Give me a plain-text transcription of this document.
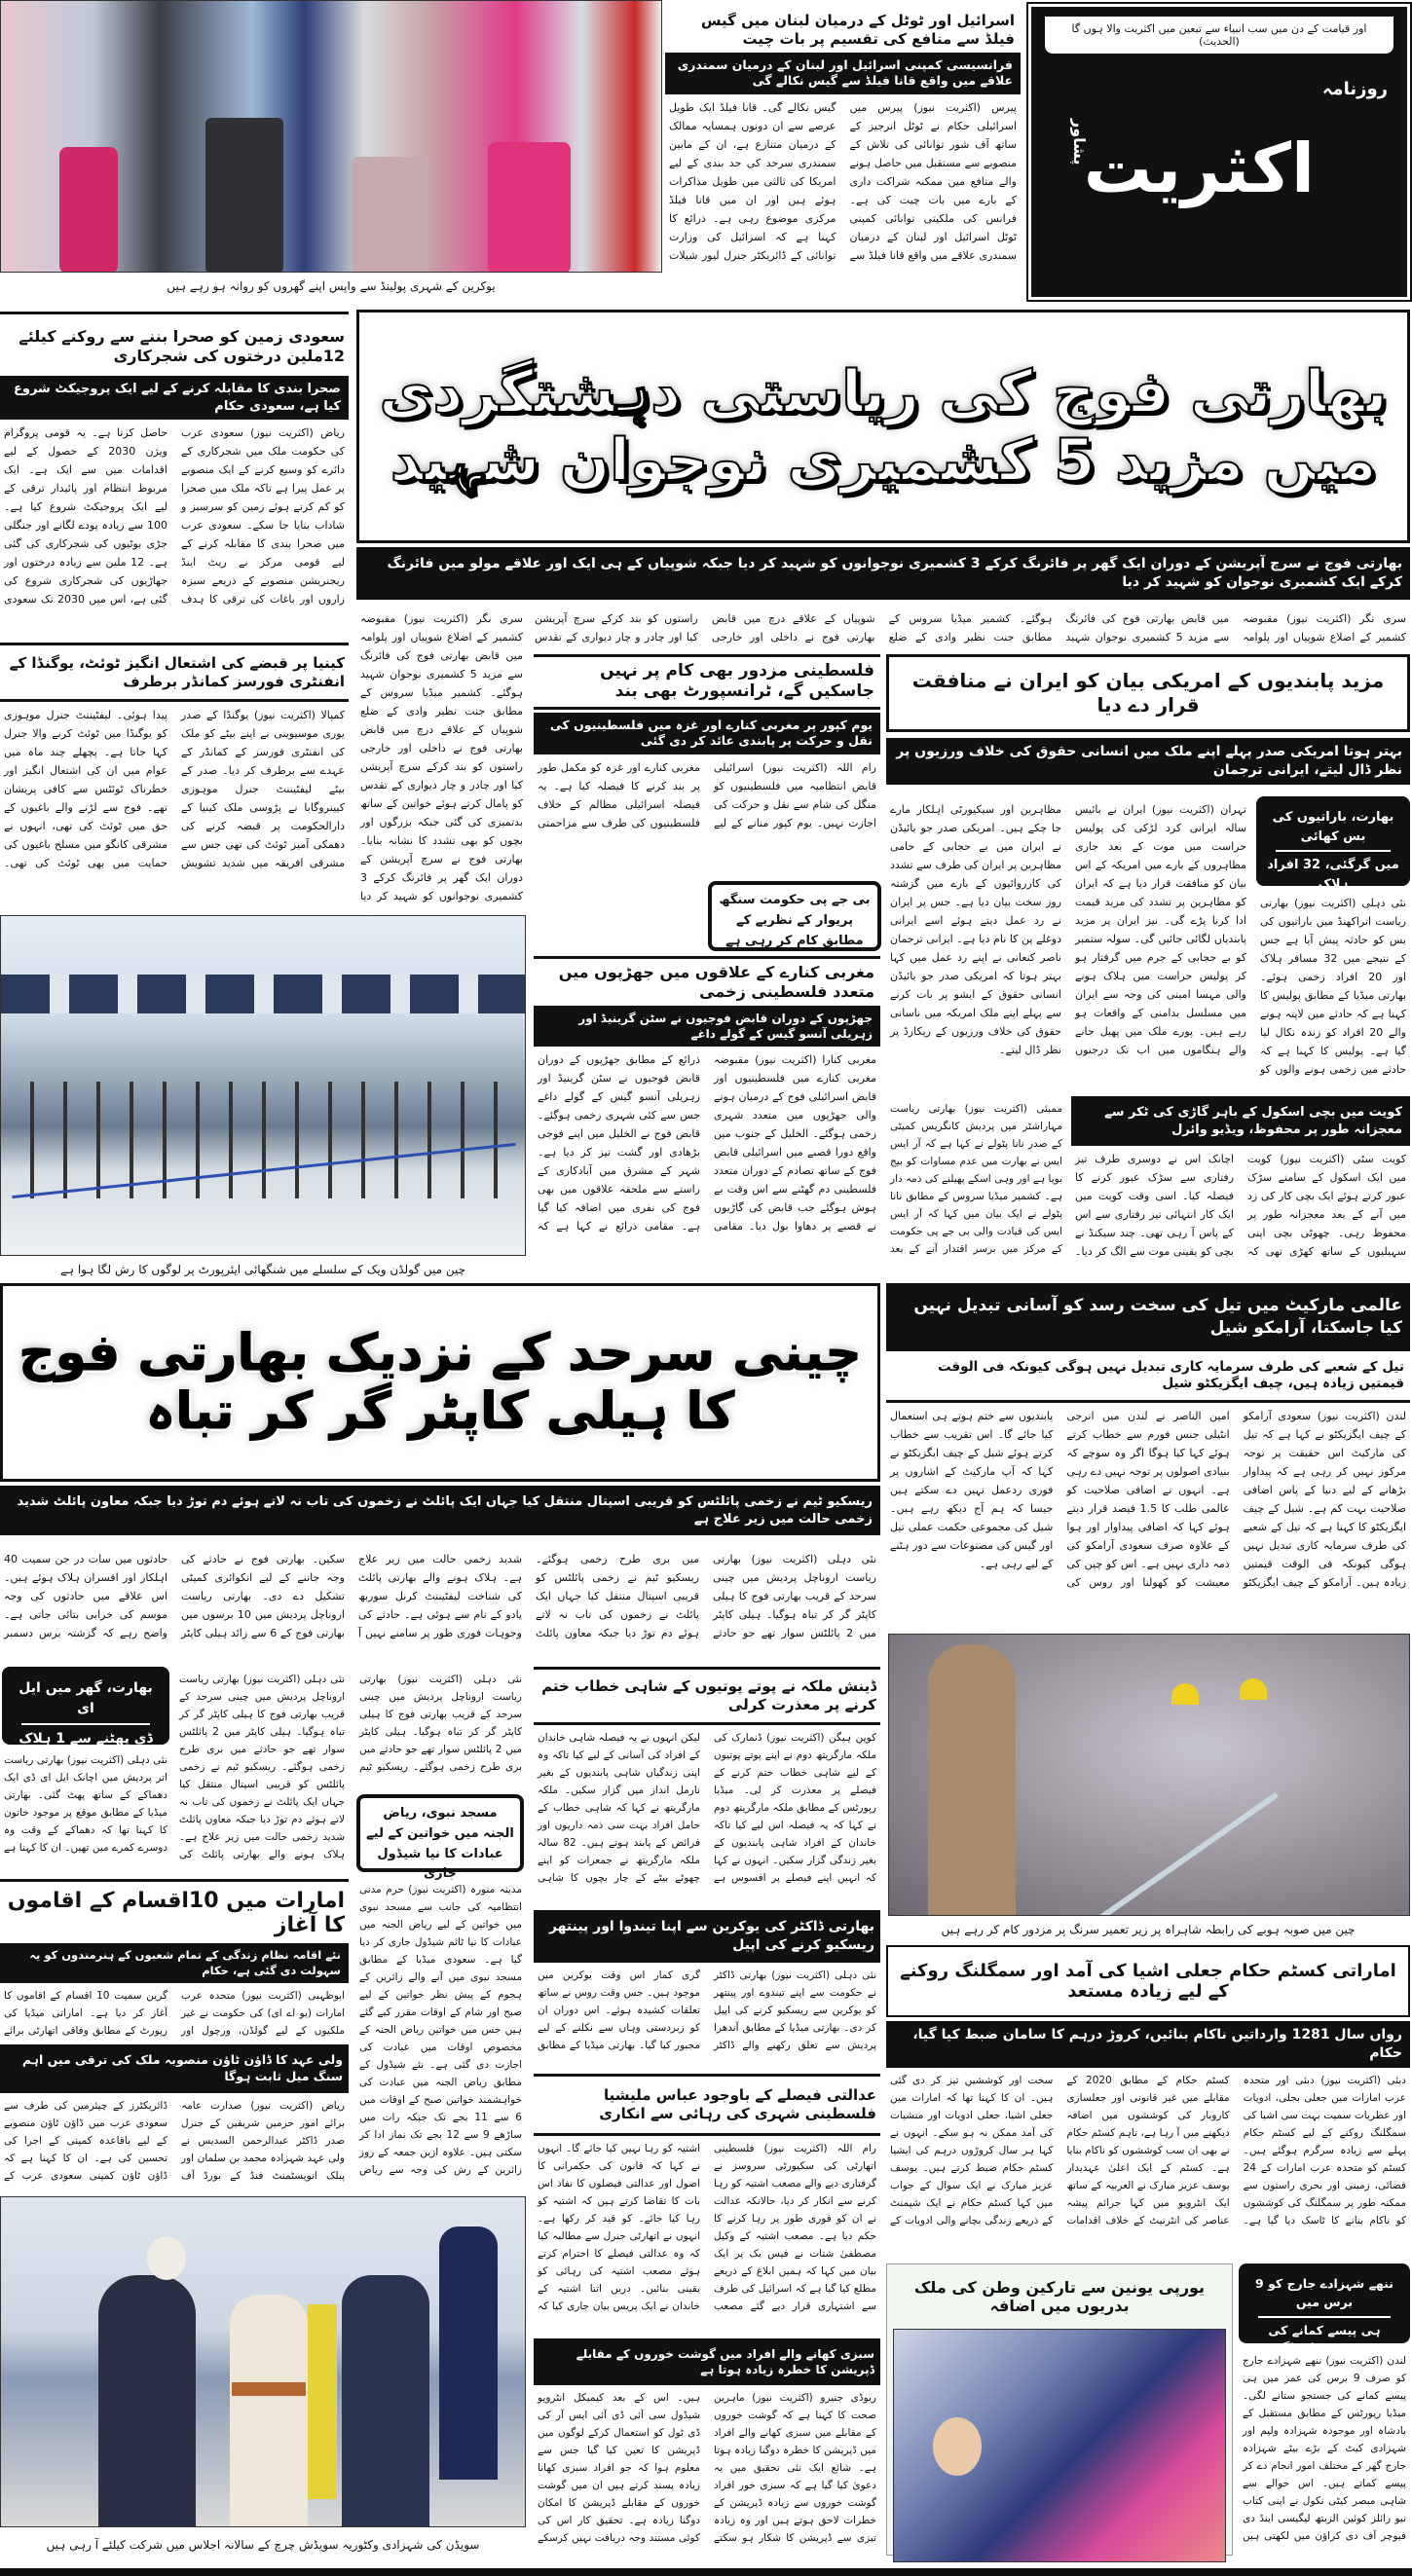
یوکرین کے شہری پولینڈ سے واپس اپنے گھروں کو روانہ ہو رہے ہیں
اسرائیل اور ٹوٹل کے درمیان لبنان میں گیس فیلڈ سے منافع کی تقسیم پر بات چیت
فرانسیسی کمپنی اسرائیل اور لبنان کے درمیان سمندری علاقے میں واقع قانا فیلڈ سے گیس نکالے گی
پیرس (اکثریت نیوز) پیرس میں اسرائیلی حکام نے ٹوٹل انرجیز کے ساتھ آف شور توانائی کی تلاش کے منصوبے سے مستقبل میں حاصل ہونے والے منافع میں ممکنہ شراکت داری کے بارے میں بات چیت کی ہے۔ فرانس کی ملکیتی توانائی کمپنی ٹوٹل اسرائیل اور لبنان کے درمیان سمندری علاقے میں واقع قانا فیلڈ سے گیس نکالے گی۔ قانا فیلڈ ایک طویل عرصے سے ان دونوں ہمسایہ ممالک کے درمیان متنازع ہے، ان کے مابین سمندری سرحد کی حد بندی کے لیے امریکا کی ثالثی میں طویل مذاکرات ہوئے ہیں اور ان میں قانا فیلڈ مرکزی موضوع رہی ہے۔ ذرائع کا کہنا ہے کہ اسرائیل کی وزارت توانائی کے ڈائریکٹر جنرل لیور شیلات
اور قیامت کے دن میں سب انبیاء سے تبعین میں اکثریت والا ہوں گا (الحدیث)
روزنامہ
پشاور
اکثریت
سعودی زمین کو صحرا بننے سے روکنے کیلئے 12ملین درختوں کی شجرکاری
صحرا بندی کا مقابلہ کرنے کے لیے ایک پروجیکٹ شروع کیا ہے، سعودی حکام
ریاض (اکثریت نیوز) سعودی عرب کی حکومت ملک میں شجرکاری کے دائرے کو وسیع کرنے کے ایک منصوبے پر عمل پیرا ہے تاکہ ملک میں صحرا کو کم کرتے ہوئے زمین کو سرسبز و شاداب بنایا جا سکے۔ سعودی عرب میں صحرا بندی کا مقابلہ کرنے کے لیے قومی مرکز نے ریٹ اینڈ ریجنریشن منصوبے کے ذریعے سبزہ زاروں اور باغات کی ترقی کا ہدف حاصل کرتا ہے۔ یہ قومی پروگرام ویژن 2030 کے حصول کے لیے اقدامات میں سے ایک ہے۔ ایک مربوط انتظام اور پائیدار ترقی کے لیے ایک پروجیکٹ شروع کیا ہے۔ 100 سے زیادہ پودے لگانے اور جنگلی جڑی بوٹیوں کی شجرکاری کی گئی ہے۔ 12 ملین سے زیادہ درختوں اور جھاڑیوں کی شجرکاری شروع کی گئی ہے، اس میں 2030 تک سعودی
کینیا پر قبضے کی اشتعال انگیز ٹوئٹ، یوگنڈا کے انفنٹری فورسز کمانڈر برطرف
کمپالا (اکثریت نیوز) یوگنڈا کے صدر یوری موسیوینی نے اپنے بیٹے کو ملک کی انفنٹری فورسز کے کمانڈر کے عہدے سے برطرف کر دیا۔ صدر کے بیٹے لیفٹیننٹ جنرل موہوزی کیینروگابا نے پڑوسی ملک کینیا کے دارالحکومت پر قبضہ کرنے کی دھمکی آمیز ٹوئٹ کی تھی جس سے مشرقی افریقہ میں شدید تشویش پیدا ہوئی۔ لیفٹیننٹ جنرل موہوزی کو یوگنڈا میں ٹوئٹ کرنے والا جنرل کہا جاتا ہے۔ پچھلے چند ماہ میں عوام میں ان کی اشتعال انگیز اور خطرناک ٹوئٹس سے کافی پریشان تھے۔ فوج سے لڑنے والے باغیوں کے حق میں ٹوئٹ کی تھی، انہوں نے مشرقی کانگو میں مسلح باغیوں کی حمایت میں بھی ٹوئٹ کی تھی۔
بھارتی فوج کی ریاستی دہشتگردی میں مزید 5 کشمیری نوجوان شہید
بھارتی فوج نے سرچ آپریشن کے دوران ایک گھر پر فائرنگ کرکے 3 کشمیری نوجوانوں کو شہید کر دیا جبکہ شوپیاں کے ہی ایک اور علاقے مولو میں فائرنگ کرکے ایک کشمیری نوجوان کو شہید کر دیا
سری نگر (اکثریت نیوز) مقبوضہ کشمیر کے اضلاع شوپیاں اور پلوامہ میں قابض بھارتی فوج کی فائرنگ سے مزید 5 کشمیری نوجوان شہید ہوگئے۔ کشمیر میڈیا سروس کے مطابق جنت نظیر وادی کے ضلع شوپیاں کے علاقے درچ میں قابض بھارتی فوج نے داخلی اور خارجی راستوں کو بند کرکے سرچ آپریشن کیا اور چادر و چار دیواری کے تقدس
سری نگر (اکثریت نیوز) مقبوضہ کشمیر کے اضلاع شوپیاں اور پلوامہ میں قابض بھارتی فوج کی فائرنگ سے مزید 5 کشمیری نوجوان شہید ہوگئے۔ کشمیر میڈیا سروس کے مطابق جنت نظیر وادی کے ضلع شوپیاں کے علاقے درچ میں قابض بھارتی فوج نے داخلی اور خارجی راستوں کو بند کرکے سرچ آپریشن کیا اور چادر و چار دیواری کے تقدس کو پامال کرتے ہوئے خواتین کے ساتھ بدتمیزی کی گئی جبکہ بزرگوں اور بچوں کو بھی تشدد کا نشانہ بنایا۔ بھارتی فوج نے سرچ آپریشن کے دوران ایک گھر پر فائرنگ کرکے 3 کشمیری نوجوانوں کو شہید کر دیا
مزید پابندیوں کے امریکی بیان کو ایران نے منافقت قرار دے دیا
بہتر ہوتا امریکی صدر پہلے اپنے ملک میں انسانی حقوق کی خلاف ورزیوں پر نظر ڈال لیتے، ایرانی ترجمان
تہران (اکثریت نیوز) ایران نے بائیس سالہ ایرانی کرد لڑکی کی پولیس حراست میں موت کے بعد جاری مظاہروں کے بارے میں امریکہ کے اس بیان کو منافقت قرار دیا ہے کہ ایران کو مظاہرین پر تشدد کی مزید قیمت ادا کرنا پڑے گی۔ نیز ایران پر مزید پابندیاں لگائی جائیں گی۔ سولہ ستمبر کو بے حجابی کے جرم میں گرفتار ہو کر پولیس حراست میں ہلاک ہونے والی مہسا امینی کی وجہ سے ایران میں مسلسل بدامنی کے واقعات ہو رہے ہیں۔ پورے ملک میں پھیل جانے والے ہنگاموں میں اب تک درجنوں مظاہرین اور سیکیورٹی اہلکار مارے جا چکے ہیں۔ امریکی صدر جو بائیڈن نے ایران میں بے حجابی کے حامی مظاہرین پر ایران کی طرف سے تشدد کی کارروائیوں کے بارے میں گزشتہ روز سخت بیان دیا ہے۔ جس پر ایران نے رد عمل دیتے ہوئے اسے ایرانی دوغلے پن کا نام دیا ہے۔ ایرانی ترجمان ناصر کنعانی نے اپنے رد عمل میں کہا بہتر ہوتا کہ امریکی صدر جو بائیڈن انسانی حقوق کے ایشو پر بات کرنے سے پہلے اپنے ملک امریکہ میں ناسانی حقوق کی خلاف ورزیوں کے ریکارڈ پر نظر ڈال لیتے۔
بھارت، باراتیوں کی بس کھائی
میں گرگئی، 32 افراد ہلاک
نئی دہلی (اکثریت نیوز) بھارتی ریاست اتراکھنڈ میں باراتیوں کی بس کو حادثہ پیش آیا ہے جس کے نتیجے میں 32 مسافر ہلاک اور 20 افراد زخمی ہوئے۔ بھارتی میڈیا کے مطابق پولیس کا کہنا ہے کہ حادثے میں لاپتہ ہونے والے 20 افراد کو زندہ نکال لیا گیا ہے۔ پولیس کا کہنا ہے کہ حادثے میں زخمی ہونے والوں کو
فلسطینی مزدور بھی کام پر نہیں جاسکیں گے، ٹرانسپورٹ بھی بند
یوم کپور پر مغربی کنارے اور غزہ میں فلسطینیوں کی نقل و حرکت پر پابندی عائد کر دی گئی
رام اللہ (اکثریت نیوز) اسرائیلی قابض انتظامیہ میں فلسطینیوں کو منگل کی شام سے نقل و حرکت کی اجازت نہیں۔ یوم کپور منانے کے لیے مغربی کنارے اور غزہ کو مکمل طور پر بند کرنے کا فیصلہ کیا ہے۔ یہ فیصلہ اسرائیلی مظالم کے خلاف فلسطینیوں کی طرف سے مزاحمتی
بی جے پی حکومت سنگھ پریوار کے نظریے کے مطابق کام کر رہی ہے
مغربی کنارے کے علاقوں میں جھڑپوں میں متعدد فلسطینی زخمی
جھڑپوں کے دوران قابض فوجیوں نے سٹن گرینیڈ اور زہریلی آنسو گیس کے گولے داغے
مغربی کنارا (اکثریت نیوز) مقبوضہ مغربی کنارے میں فلسطینیوں اور قابض اسرائیلی فوج کے درمیان ہونے والی جھڑپوں میں متعدد شہری زخمی ہوگئے۔ الخلیل کے جنوب میں واقع دورا قصبے میں اسرائیلی قابض فوج کے ساتھ تصادم کے دوران متعدد فلسطینی دم گھٹنے سے اس وقت بے ہوش ہوگئے جب قابض کی گاڑیوں نے قصبے پر دھاوا بول دیا۔ مقامی ذرائع کے مطابق جھڑپوں کے دوران قابض فوجیوں نے سٹن گرینیڈ اور زہریلی آنسو گیس کے گولے داغے جس سے کئی شہری زخمی ہوگئے۔ قابض فوج نے الخلیل میں اپنے فوجی بڑھادی اور گشت تیز کر دیا ہے۔ شہر کے مشرق میں آبادکاری کے راستے سے ملحقہ علاقوں میں بھی فوج کی نفری میں اضافہ کیا گیا ہے۔ مقامی ذرائع نے کہا ہے کہ
ممبئی (اکثریت نیوز) بھارتی ریاست مہاراشٹر میں پردیش کانگریس کمیٹی کے صدر نانا پٹولے نے کہا ہے کہ آر ایس ایس نے بھارت میں عدم مساوات کو بیج بویا ہے اور وہی اسکے پھیلنے کی ذمہ دار ہے۔ کشمیر میڈیا سروس کے مطابق نانا پٹولے نے ایک بیان میں کہا کہ آر ایس ایس کی قیادت والی بی جے پی حکومت کے مرکز میں برسر اقتدار آنے کے بعد
کویت میں بچی اسکول کے باہر گاڑی کی ٹکر سے معجزانہ طور پر محفوظ، ویڈیو وائرل
کویت سٹی (اکثریت نیوز) کویت میں ایک اسکول کے سامنے سڑک عبور کرتے ہوئے ایک بچی کار کی زد میں آنے کے بعد معجزانہ طور پر محفوظ رہی۔ چھوٹی بچی اپنی سہیلیوں کے ساتھ کھڑی تھی کہ اچانک اس نے دوسری طرف تیز رفتاری سے سڑک عبور کرنے کا فیصلہ کیا۔ اسی وقت کویت میں ایک کار انتہائی تیز رفتاری سے اس کے پاس آ رہی تھی۔ چند سیکنڈ نے بچی کو یقینی موت سے الگ کر دیا۔
چین میں گولڈن ویک کے سلسلے میں شنگھائی ایئرپورٹ پر لوگوں کا رش لگا ہوا ہے
چینی سرحد کے نزدیک بھارتی فوج کا ہیلی کاپٹر گر کر تباہ
ریسکیو ٹیم نے زخمی پائلٹس کو قریبی اسپتال منتقل کیا جہاں ایک پائلٹ نے زخموں کی تاب نہ لاتے ہوئے دم توڑ دیا جبکہ معاون پائلٹ شدید زخمی حالت میں زیر علاج ہے
نئی دہلی (اکثریت نیوز) بھارتی ریاست اروناچل پردیش میں چینی سرحد کے قریب بھارتی فوج کا ہیلی کاپٹر گر کر تباہ ہوگیا۔ ہیلی کاپٹر میں 2 پائلٹس سوار تھے جو حادثے میں بری طرح زخمی ہوگئے۔ ریسکیو ٹیم نے زخمی پائلٹس کو قریبی اسپتال منتقل کیا جہاں ایک پائلٹ نے زخموں کی تاب نہ لاتے ہوئے دم توڑ دیا جبکہ معاون پائلٹ شدید زخمی حالت میں زیر علاج ہے۔ ہلاک ہونے والے بھارتی پائلٹ کی شناخت لیفٹیننٹ کرنل سوربھ یادو کے نام سے ہوئی ہے۔ حادثے کی وجوہات فوری طور پر سامنے نہیں آ سکیں۔ بھارتی فوج نے حادثے کی وجہ جاننے کے لیے انکوائری کمیٹی تشکیل دے دی۔ بھارتی ریاست اروناچل پردیش میں 10 برسوں میں بھارتی فوج کے 6 سے زائد ہیلی کاپٹر حادثوں میں سات در جن سمیت 40 اہلکار اور افسران ہلاک ہوئے ہیں۔ اس علاقے میں حادثوں کی وجہ موسم کی خرابی بتائی جاتی ہے۔ واضح رہے کہ گزشتہ برس دسمبر
عالمی مارکیٹ میں تیل کی سخت رسد کو آسانی تبدیل نہیں کیا جاسکتا، آرامکو شیل
تیل کے شعبے کی طرف سرمایہ کاری تبدیل نہیں ہوگی کیونکہ فی الوقت قیمتیں زیادہ ہیں، چیف ایگزیکٹو شیل
لندن (اکثریت نیوز) سعودی آرامکو کے چیف ایگزیکٹو نے کہا ہے کہ تیل کی مارکیٹ اس حقیقت پر توجہ مرکوز نہیں کر رہی ہے کہ پیداوار بڑھانے کے لیے دنیا کے پاس اضافی صلاحیت بہت کم ہے۔ شیل کے چیف ایگزیکٹو کا کہنا ہے کہ تیل کے شعبے کی طرف سرمایہ کاری تبدیل نہیں ہوگی کیونکہ فی الوقت قیمتیں زیادہ ہیں۔ آرامکو کے چیف ایگزیکٹو امین الناصر نے لندن میں انرجی انٹیلی جنس فورم سے خطاب کرتے ہوئے کہا کیا ہوگا اگر وہ سوچے کہ بنیادی اصولوں پر توجہ نہیں دے رہی ہے۔ انہوں نے اضافی صلاحیت کو عالمی طلب کا 1.5 فیصد قرار دیتے ہوئے کہا کہ اضافی پیداوار اور ہوا کے علاوہ صرف سعودی آرامکو کی ذمہ داری نہیں ہے۔ اس کو چین کی معیشت کو کھولنا اور روس کی پابندیوں سے ختم ہوتے ہی استعمال کیا جائے گا۔ اس تقریب سے خطاب کرتے ہوئے شیل کے چیف ایگزیکٹو نے کہا کہ آپ مارکیٹ کے اشاروں پر فوری ردعمل نہیں دے سکتے ہیں جیسا کہ ہم آج دیکھ رہے ہیں۔ شیل کی مجموعی حکمت عملی تیل اور گیس کی مصنوعات سے دور ہٹنے کے لیے رہی ہے۔
چین میں صوبہ ہوبے کی رابطہ شاہراہ پر زیر تعمیر سرنگ پر مزدور کام کر رہے ہیں
بھارت، گھر میں ایل ای
ڈی پھٹنے سے 1 ہلاک
نئی دہلی (اکثریت نیوز) بھارتی ریاست اتر پردیش میں اچانک ایل ای ڈی ایک دھماکے کے ساتھ پھٹ گئی۔ بھارتی میڈیا کے مطابق موقع پر موجود خاتون کا کہنا تھا کہ دھماکے کے وقت وہ دوسرے کمرے میں تھیں۔ ان کا کہنا ہے
نئی دہلی (اکثریت نیوز) بھارتی ریاست اروناچل پردیش میں چینی سرحد کے قریب بھارتی فوج کا ہیلی کاپٹر گر کر تباہ ہوگیا۔ ہیلی کاپٹر میں 2 پائلٹس سوار تھے جو حادثے میں بری طرح زخمی ہوگئے۔ ریسکیو ٹیم نے زخمی پائلٹس کو قریبی اسپتال منتقل کیا جہاں ایک پائلٹ نے زخموں کی تاب نہ لاتے ہوئے دم توڑ دیا جبکہ معاون پائلٹ شدید زخمی حالت میں زیر علاج ہے۔ ہلاک ہونے والے بھارتی پائلٹ کی
نئی دہلی (اکثریت نیوز) بھارتی ریاست اروناچل پردیش میں چینی سرحد کے قریب بھارتی فوج کا ہیلی کاپٹر گر کر تباہ ہوگیا۔ ہیلی کاپٹر میں 2 پائلٹس سوار تھے جو حادثے میں بری طرح زخمی ہوگئے۔ ریسکیو ٹیم
مسجد نبوی، ریاض الجنہ میں خواتین کے لیے عبادات کا نیا شیڈول جاری
مدینہ منورہ (اکثریت نیوز) حرم مدنی انتظامیہ کی جانب سے مسجد نبوی میں خواتین کے لیے ریاض الجنہ میں عبادات کا نیا ٹائم شیڈول جاری کر دیا گیا ہے۔ سعودی میڈیا کے مطابق مسجد نبوی میں آنے والے زائرین کے ہجوم کے پیش نظر خواتین کے لیے صبح اور شام کے اوقات مقرر کیے گئے ہیں جس میں خواتین ریاض الجنہ کے مخصوص اوقات میں عبادت کی اجازت دی گئی ہے۔ نئے شیڈول کے مطابق ریاض الجنہ میں عبادت کی خواہشمند خواتین صبح کے اوقات میں 6 سے 11 بجے تک جبکہ رات میں ساڑھے 9 سے 12 بجے تک نماز ادا کر سکتی ہیں۔ علاوہ ازیں جمعہ کے روز زائرین کے رش کی وجہ سے ریاض
امارات میں 10اقسام کے اقاموں کا آغاز
نئے اقامہ نظام زندگی کے تمام شعبوں کے ہنرمندوں کو یہ سہولت دی گئی ہے، حکام
ابوظہبی (اکثریت نیوز) متحدہ عرب امارات (یو اے ای) کی حکومت نے غیر ملکیوں کے لیے گولڈن، ورچول اور گرین سمیت 10 اقسام کے اقاموں کا آغاز کر دیا ہے۔ اماراتی میڈیا کی رپورٹ کے مطابق وفاقی اتھارٹی برائے
ولی عہد کا ڈاؤن ٹاؤن منصوبہ ملک کی ترقی میں اہم سنگ میل ثابت ہوگا
ریاض (اکثریت نیوز) صدارت عامہ برائے امور حرمین شریفین کے جنرل صدر ڈاکٹر عبدالرحمن السدیس نے ولی عہد شہزادہ محمد بن سلمان اور پبلک انویسٹمنٹ فنڈ کے بورڈ آف ڈائریکٹرز کے چیئرمین کی طرف سے سعودی عرب میں ڈاؤن ٹاؤن منصوبے کے لیے باقاعدہ کمپنی کے اجرا کی تحسین کی ہے۔ ان کا کہنا ہے کہ ڈاؤن ٹاؤن کمپنی سعودی عرب کے
سویڈن کی شہزادی وکٹوریہ سویڈش چرچ کے سالانہ اجلاس میں شرکت کیلئے آ رہی ہیں
ڈینش ملکہ نے پوتے پوتیوں کے شاہی خطاب ختم کرنے پر معذرت کرلی
کوپن ہیگن (اکثریت نیوز) ڈنمارک کی ملکہ مارگریتھ دوم نے اپنے پوتے پوتیوں کے لیے شاہی خطاب ختم کرنے کے فیصلے پر معذرت کر لی۔ میڈیا رپورٹس کے مطابق ملکہ مارگریتھ دوم نے کہا کہ یہ فیصلہ اس لیے کیا تاکہ خاندان کے افراد شاہی پابندیوں کے بغیر زندگی گزار سکیں۔ انہوں نے کہا کہ انہیں اپنے فیصلے پر افسوس ہے لیکن انہوں نے یہ فیصلہ شاہی خاندان کے افراد کی آسانی کے لیے کیا تاکہ وہ اپنی زندگیاں شاہی پابندیوں کے بغیر نارمل انداز میں گزار سکیں۔ ملکہ مارگریتھ نے کہا کہ شاہی خطاب کے حامل افراد بہت سی ذمہ داریوں اور فرائض کے پابند ہوتے ہیں۔ 82 سالہ ملکہ مارگریتھ نے جمعرات کو اپنے چھوٹے بیٹے کے چار بچوں کا شاہی
بھارتی ڈاکٹر کی یوکرین سے اپنا تیندوا اور پینتھر ریسکیو کرنے کی اپیل
نئی دہلی (اکثریت نیوز) بھارتی ڈاکٹر نے حکومت سے اپنے تیندوے اور پینتھر کو یوکرین سے ریسکیو کرنے کی اپیل کر دی۔ بھارتی میڈیا کے مطابق آندھرا پردیش سے تعلق رکھنے والے ڈاکٹر گری کمار اس وقت یوکرین میں موجود ہیں۔ جس وقت روس نے ساتھ تعلقات کشیدہ ہوئے۔ اس دوران ان کو زبردستی وہاں سے نکلنے کے لیے مجبور کیا گیا۔ بھارتی میڈیا کے مطابق
عدالتی فیصلے کے باوجود عباس ملیشیا فلسطینی شہری کی رہائی سے انکاری
رام اللہ (اکثریت نیوز) فلسطینی اتھارٹی کی سکیورٹی سروسز نے گرفتاری دیے والے مصعب اشتیہ کو رہا کرنے سے انکار کر دیا، حالانکہ عدالت نے ان کو فوری طور پر رہا کرنے کا حکم دیا ہے۔ مصعب اشتیہ کے وکیل مصطفیٰ شتات نے فیس بک پر ایک بیان میں کہا کہ ہمیں ابلاغ کے ذریعے مطلع کیا گیا ہے کہ اسرائیل کی طرف سے اشتہاری قرار دیے گئے مصعب اشتیہ کو رہا نہیں کیا جائے گا۔ انہوں نے کہا کہ قانون کی حکمرانی کا اصول اور عدالتی فیصلوں کا نفاذ اس بات کا تقاضا کرتے ہیں کہ اشتیہ کو رہا کیا جائے۔ کو قید کر رکھا ہے۔ انہوں نے اتھارٹی جنرل سے مطالبہ کیا کہ وہ عدالتی فیصلے کا احترام کرتے ہوئے مصعب اشتیہ کی رہائی کو یقینی بنائیں۔ دریں اثنا اشتیہ کے خاندان نے ایک پریس بیان جاری کیا کہ
سبزی کھانے والے افراد میں گوشت خوروں کے مقابلے ڈپریشن کا خطرہ زیادہ ہوتا ہے
ریوڈی جنیرو (اکثریت نیوز) ماہرین صحت کا کہنا ہے کہ گوشت خوروں کے مقابلے میں سبزی کھانے والے افراد میں ڈپریشن کا خطرہ دوگنا زیادہ ہوتا ہے۔ شائع ایک نئی تحقیق میں یہ دعویٰ کیا گیا ہے کہ سبزی خور افراد گوشت خوروں سے زیادہ ڈپریشن کے خطرات لاحق ہوتے ہیں اور وہ زیادہ تیزی سے ڈپریشن کا شکار ہو سکتے ہیں۔ اس کے بعد کیمیکل انٹرویو شیڈول سی آئی ڈی آئی ایس آر کی ڈی ٹول کو استعمال کرکے لوگوں میں ڈپریشن کا تعین کیا گیا جس سے معلوم ہوا کہ جو افراد سبزی کھانا زیادہ پسند کرتے ہیں ان میں گوشت خوروں کے مقابلے ڈپریشن کا امکان دوگنا زیادہ ہے۔ تحقیق کار اس کی کوئی مستند وجہ دریافت نہیں کرسکے
اماراتی کسٹم حکام جعلی اشیا کی آمد اور سمگلنگ روکنے کے لیے زیادہ مستعد
رواں سال 1281 وارداتیں ناکام بنائیں، کروڑ درہم کا سامان ضبط کیا گیا، حکام
دبئی (اکثریت نیوز) دبئی اور متحدہ عرب امارات میں جعلی بجلی، ادویات اور عطریات سمیت بہت سی اشیا کی سمگلنگ روکنے کے لیے کسٹم حکام پہلے سے زیادہ سرگرم ہوگئے ہیں۔ کسٹم کو متحدہ عرب امارات کے 24 فضائی، زمینی اور بحری راستوں سے ممکنہ طور پر سمگلنگ کی کوششوں کو ناکام بنانے کا ٹاسک دیا گیا ہے۔ کسٹم حکام کے مطابق 2020 کے مقابلے میں غیر قانونی اور جعلسازی کاروبار کی کوششوں میں اضافہ دیکھنے میں آ رہا ہے، تاہم کسٹم حکام نے بھی ان سب کوششوں کو ناکام بنایا ہے۔ کسٹم کے ایک اعلیٰ عہدیدار یوسف عزیز مبارک نے العربیہ کے ساتھ ایک انٹرویو میں کہا جرائم پیشہ عناصر کی انٹرنیٹ کے خلاف اقدامات سخت اور کوششیں تیز کر دی گئی ہیں۔ ان کا کہنا تھا کہ امارات میں جعلی اشیا، جعلی ادویات اور منشیات کی آمد ممکن نہ ہو سکے۔ انہوں نے کہا ہر سال کروڑوں درہم کی ایشیا کسٹم حکام ضبط کرتے ہیں۔ یوسف عزیز مبارک نے ایک سوال کے جواب میں کہا کسٹم حکام نے ایک شپمنٹ کے ذریعے زندگی بچانے والی ادویات کے
یورپی یونین سے تارکین وطن کی ملک بدریوں میں اضافہ
ننھے شہزادے جارج کو 9 برس میں
ہی پیسے کمانے کی جستجو ستانے لگی
لندن (اکثریت نیوز) ننھے شہزادے جارج کو صرف 9 برس کی عمر میں ہی پیسے کمانے کی جستجو ستانے لگی۔ میڈیا رپورٹس کے مطابق مستقبل کے بادشاہ اور موجودہ شہزادہ ولیم اور شہزادی کیٹ کے بڑے بیٹے شہزادہ جارج گھر کے مختلف امور انجام دے کر پیسے کماتے ہیں۔ اس حوالے سے شاہی مبصر کیٹی نکول نے اپنی کتاب نیو رائلز کوئین الزبتھ لیگیسی اینڈ دی فیوچر آف دی کراؤن میں لکھتی ہیں
